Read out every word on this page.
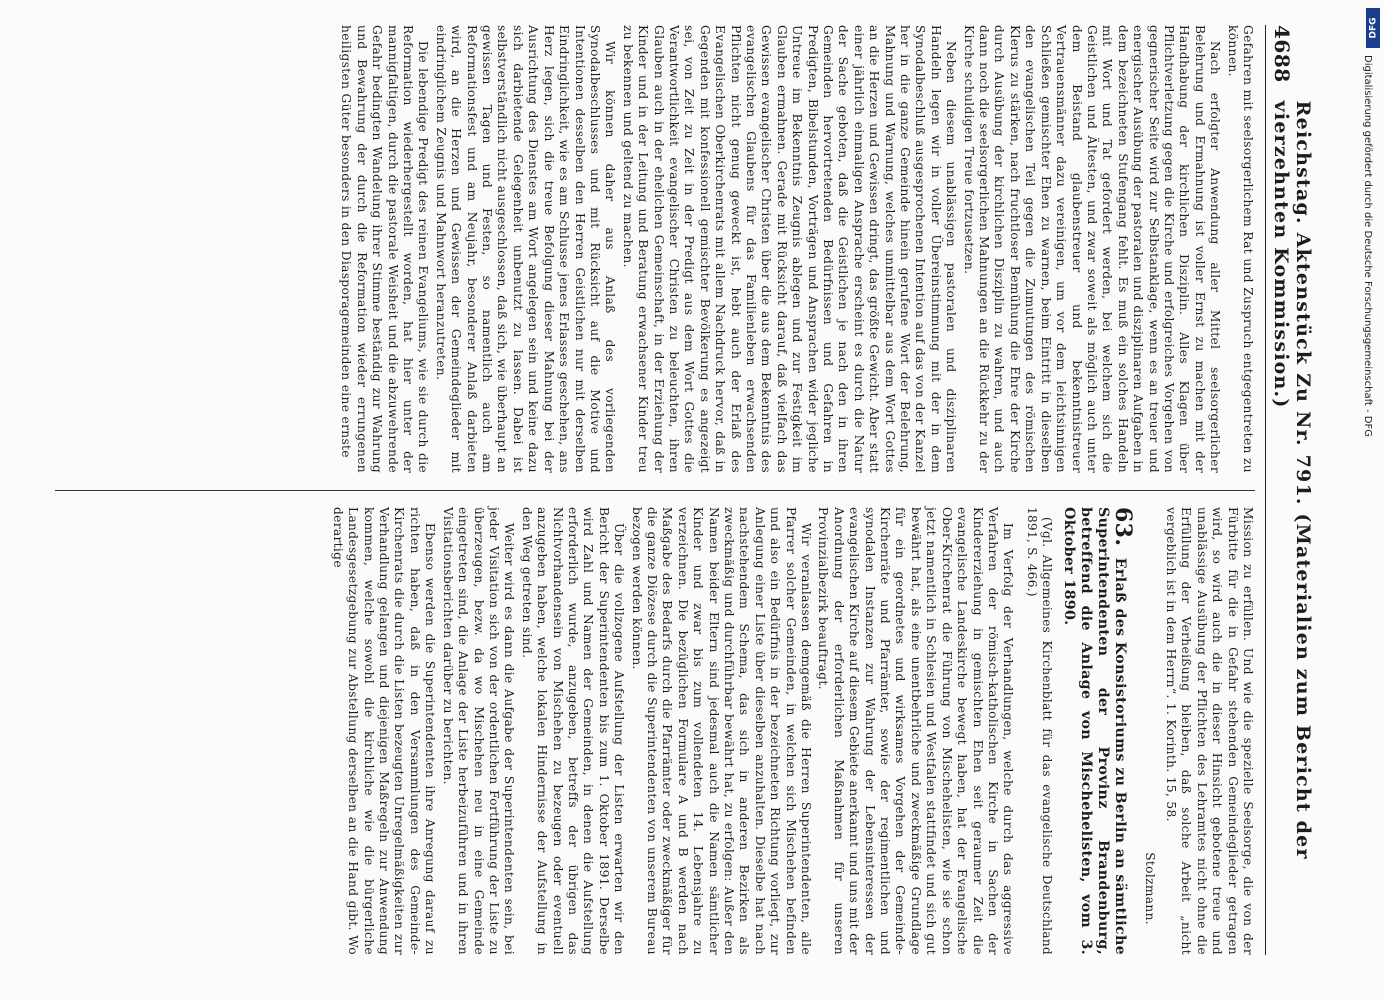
4688
Reichstag. Aktenstück Zu Nr. 791. (Materialien zum Bericht der vierzehnten Kommission.)

Gefahren mit seelsorgerlichem Rat und Zuspruch entgegentreten zu können.

Nach erfolgter Anwendung aller Mittel seelsorgerlicher Belehrung und Ermahnung ist voller Ernst zu machen mit der Handhabung der kirchlichen Disziplin. Alles Klagen über Pflichtverletzung gegen die Kirche und erfolgreiches Vorgehen von gegnerischer Seite wird zur Selbstanklage, wenn es an treuer und energischer Ausübung der pastoralen und disziplinaren Aufgaben in dem bezeichneten Stufengang fehlt. Es muß ein solches Handeln mit Wort und Tat gefordert werden, bei welchem sich die Geistlichen und Ältesten, und zwar soweit als möglich auch unter dem Beistand glaubenstreuer und bekenntnistreuer Vertrauensmänner dazu vereinigen, um vor dem leichtsinnigen Schließen gemischter Ehen zu warnen, beim Eintritt in dieselben den evangelischen Teil gegen die Zumutungen des römischen Klerus zu stärken, nach fruchtloser Bemühung die Ehre der Kirche durch Ausübung der kirchlichen Disziplin zu wahren, und auch dann noch die seelsorgerlichen Mahnungen an die Rückkehr zu der Kirche schuldigen Treue fortzusetzen.

Neben diesem unablässigen pastoralen und disziplinaren Handeln legen wir in voller Übereinstimmung mit der in dem Synodalbeschluß ausgesprochenen Intention auf das von der Kanzel her in die ganze Gemeinde hinein gerufene Wort der Belehrung, Mahnung und Warnung, welches unmittelbar aus dem Wort Gottes an die Herzen und Gewissen dringt, das größte Gewicht. Aber statt einer jährlich einmaligen Ansprache erscheint es durch die Natur der Sache geboten, daß die Geistlichen je nach den in ihren Gemeinden hervortretenden Bedürfnissen und Gefahren in Predigten, Bibelstunden, Vorträgen und Ansprachen wider jegliche Untreue im Bekenntnis Zeugnis ablegen und zur Festigkeit im Glauben ermahnen. Gerade mit Rücksicht darauf, daß vielfach das Gewissen evangelischer Christen über die aus dem Bekenntnis des evangelischen Glaubens für das Familienleben erwachsenden Pflichten nicht genug geweckt ist, hebt auch der Erlaß des Evangelischen Oberkirchenrats mit allem Nachdruck hervor, daß in Gegenden mit konfessionell gemischter Bevölkerung es angezeigt sei, von Zeit zu Zeit in der Predigt aus dem Wort Gottes die Verantwortlichkeit evangelischer Christen zu beleuchten, ihren Glauben auch in der ehelichen Gemeinschaft, in der Erziehung der Kinder und in der Leitung und Beratung erwachsener Kinder treu zu bekennen und geltend zu machen.

Wir können daher aus Anlaß des vorliegenden Synodalbeschlusses und mit Rücksicht auf die Motive und Intentionen desselben den Herren Geistlichen nur mit derselben Eindringlichkeit, wie es am Schlusse jenes Erlasses geschehen, ans Herz legen, sich die treue Befolgung dieser Mahnung bei der Ausrichtung des Dienstes am Wort angelegen sein und keine dazu sich darbietende Gelegenheit unbenutzt zu lassen. Dabei ist selbstverständlich nicht ausgeschlossen, daß sich, wie überhaupt an gewissen Tagen und Festen, so namentlich auch am Reformationsfest und am Neujahr, besonderer Anlaß darbieten wird, an die Herzen und Gewissen der Gemeindeglieder mit eindringlichem Zeugnis und Mahnwort heranzutreten.

Die lebendige Predigt des reinen Evangeliums, wie sie durch die Reformation wiederhergestellt worden, hat hier unter der mannigfaltigen, durch die pastorale Weisheit und die abzuwehrende Gefahr bedingten Wandelung ihrer Stimme beständig zur Wahrung und Bewahrung der durch die Reformation wieder errungenen heiligsten Güter besonders in den Diasporagemeinden eine ernste

Mission zu erfüllen. Und wie die spezielle Seelsorge, die von der Fürbitte für die in Gefahr stehenden Gemeindeglieder getragen wird, so wird auch die in dieser Hinsicht gebotene treue und unablässige Ausübung der Pflichten des Lehramtes nicht ohne die Erfüllung der Verheißung bleiben, daß solche Arbeit „nicht vergeblich ist in dem Herrn“. 1. Korinth. 15, 58.

Stolzmann.

63. Erlaß des Konsistoriums zu Berlin an sämtliche Superintendenten der Provinz Brandenburg, betreffend die Anlage von Mischehelisten, vom 3. Oktober 1890.

(Vgl. Allgemeines Kirchenblatt für das evangelische Deutschland 1891, S. 466.)

Im Verfolg der Verhandlungen, welche durch das aggressive Verfahren der römisch-katholischen Kirche in Sachen der Kindererziehung in gemischten Ehen seit geraumer Zeit die evangelische Landeskirche bewegt haben, hat der Evangelische Ober-Kirchenrat die Führung von Mischehelisten, wie sie schon jetzt namentlich in Schlesien und Westfalen stattfindet und sich gut bewährt hat, als eine unentbehrliche und zweckmäßige Grundlage für ein geordnetes und wirksames Vorgehen der Gemeinde-Kirchenräte und Pfarrämter, sowie der regimentlichen und synodalen Instanzen zur Wahrung der Lebensinteressen der evangelischen Kirche auf diesem Gebiete anerkannt und uns mit der Anordnung der erforderlichen Maßnahmen für unseren Provinzialbezirk beauftragt.

Wir veranlassen demgemäß die Herren Superintendenten, alle Pfarrer solcher Gemeinden, in welchen sich Mischehen befinden und also ein Bedürfnis in der bezeichneten Richtung vorliegt, zur Anlegung einer Liste über dieselben anzuhalten. Dieselbe hat nach nachstehendem Schema, das sich in anderen Bezirken als zweckmäßig und durchführbar bewährt hat, zu erfolgen: Außer den Namen beider Eltern sind jedesmal auch die Namen sämtlicher Kinder und zwar bis zum vollendeten 14. Lebensjahre zu verzeichnen. Die bezüglichen Formulare A und B werden nach Maßgabe des Bedarfs durch die Pfarrämter oder zweckmäßiger für die ganze Diözese durch die Superintendenten von unserem Bureau bezogen werden können.

Über die vollzogene Aufstellung der Listen erwarten wir den Bericht der Superintendenten bis zum 1. Oktober 1891. Derselbe wird Zahl und Namen der Gemeinden, in denen die Aufstellung erforderlich wurde, anzugeben, betreffs der übrigen das Nichtvorhandensein von Mischehen zu bezeugen oder eventuell anzugeben haben, welche lokalen Hindernisse der Aufstellung in den Weg getreten sind.

Weiter wird es dann die Aufgabe der Superintendenten sein, bei jeder Visitation sich von der ordentlichen Fortführung der Liste zu überzeugen, bezw. da wo Mischehen neu in eine Gemeinde eingetreten sind, die Anlage der Liste herbeizuführen und in ihren Visitationsberichten darüber zu berichten.

Ebenso werden die Superintendenten ihre Anregung darauf zu richten haben, daß in den Versammlungen des Gemeinde-Kirchenrats die durch die Listen bezeugten Unregelmäßigkeiten zur Verhandlung gelangen und diejenigen Maßregeln zur Anwendung kommen, welche sowohl die kirchliche wie die bürgerliche Landesgesetzgebung zur Abstellung derselben an die Hand gibt. Wo derartige

DFG
Digitalisierung gefördert durch die Deutsche Forschungsgemeinschaft - DFG
